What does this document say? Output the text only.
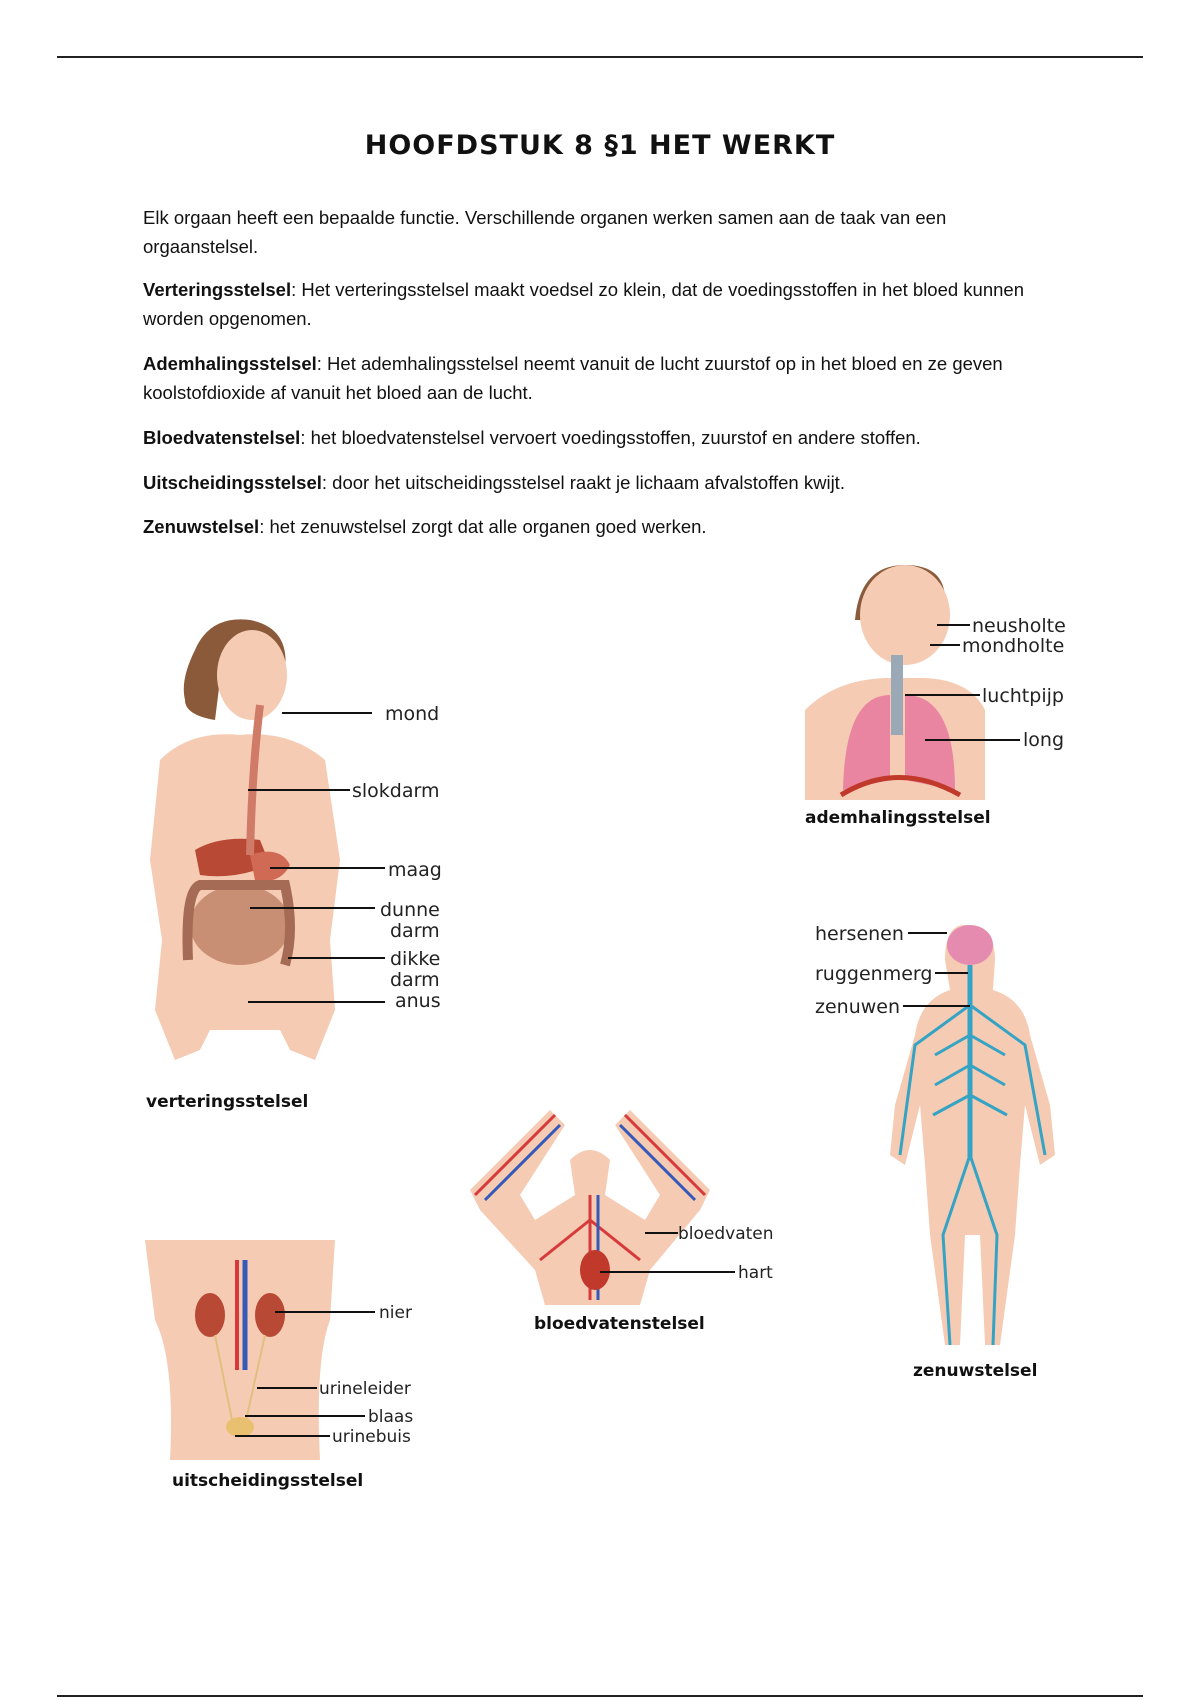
HOOFDSTUK 8 §1 HET WERKT

Elk orgaan heeft een bepaalde functie. Verschillende organen werken samen aan de taak van een orgaanstelsel.

Verteringsstelsel: Het verteringsstelsel maakt voedsel zo klein, dat de voedingsstoffen in het bloed kunnen worden opgenomen.

Ademhalingsstelsel: Het ademhalingsstelsel neemt vanuit de lucht zuurstof op in het bloed en ze geven koolstofdioxide af vanuit het bloed aan de lucht.

Bloedvatenstelsel: het bloedvatenstelsel vervoert voedingsstoffen, zuurstof en andere stoffen.

Uitscheidingsstelsel: door het uitscheidingsstelsel raakt je lichaam afvalstoffen kwijt.

Zenuwstelsel: het zenuwstelsel zorgt dat alle organen goed werken.

mond
slokdarm
maag
dunne
darm
dikke
darm
anus
verteringsstelsel
neusholte
mondholte
luchtpijp
long
ademhalingsstelsel
hersenen
ruggenmerg
zenuwen
zenuwstelsel
bloedvaten
hart
bloedvatenstelsel
nier
urineleider
blaas
urinebuis
uitscheidingsstelsel
